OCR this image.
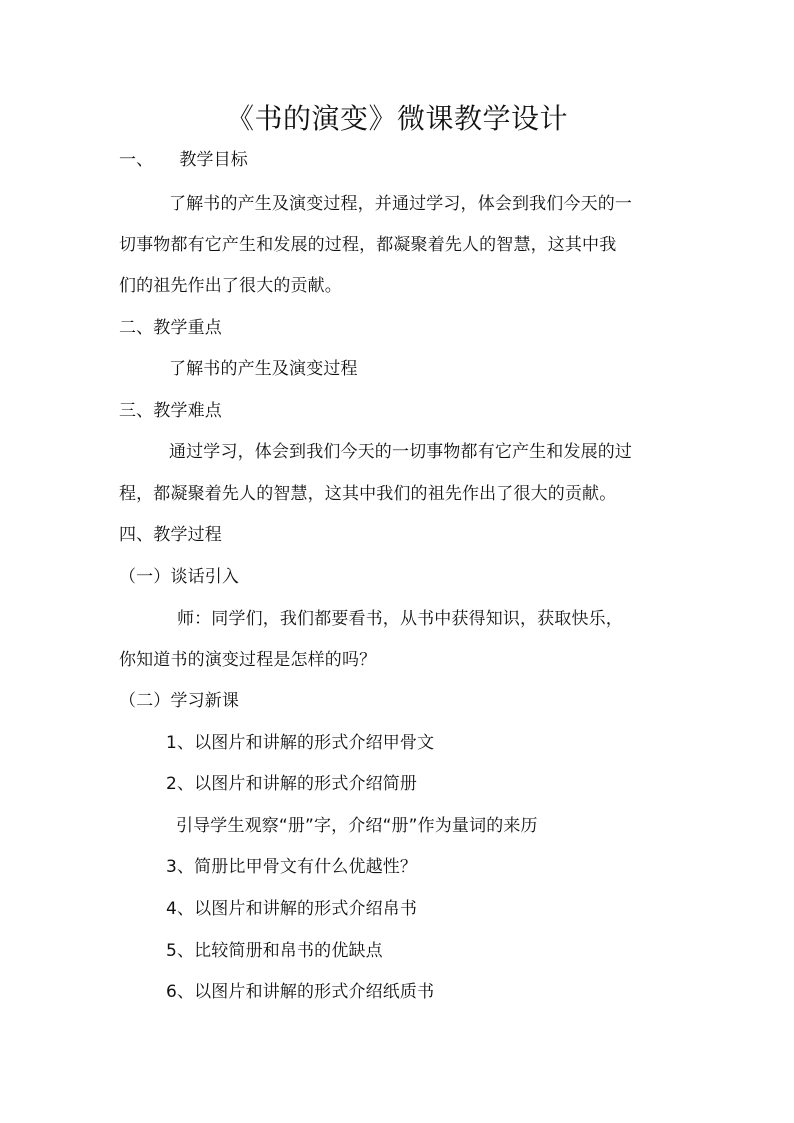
《书的演变》微课教学设计
一、 教学目标
了解书的产生及演变过程，并通过学习，体会到我们今天的一
切事物都有它产生和发展的过程，都凝聚着先人的智慧，这其中我
们的祖先作出了很大的贡献。
二、教学重点
了解书的产生及演变过程
三、教学难点
通过学习，体会到我们今天的一切事物都有它产生和发展的过
程，都凝聚着先人的智慧，这其中我们的祖先作出了很大的贡献。
四、教学过程
（一）谈话引入
师：同学们，我们都要看书，从书中获得知识，获取快乐，
你知道书的演变过程是怎样的吗？
（二）学习新课
1、以图片和讲解的形式介绍甲骨文
2、以图片和讲解的形式介绍简册
引导学生观察“册”字，介绍“册”作为量词的来历
3、简册比甲骨文有什么优越性？
4、以图片和讲解的形式介绍帛书
5、比较简册和帛书的优缺点
6、以图片和讲解的形式介绍纸质书
